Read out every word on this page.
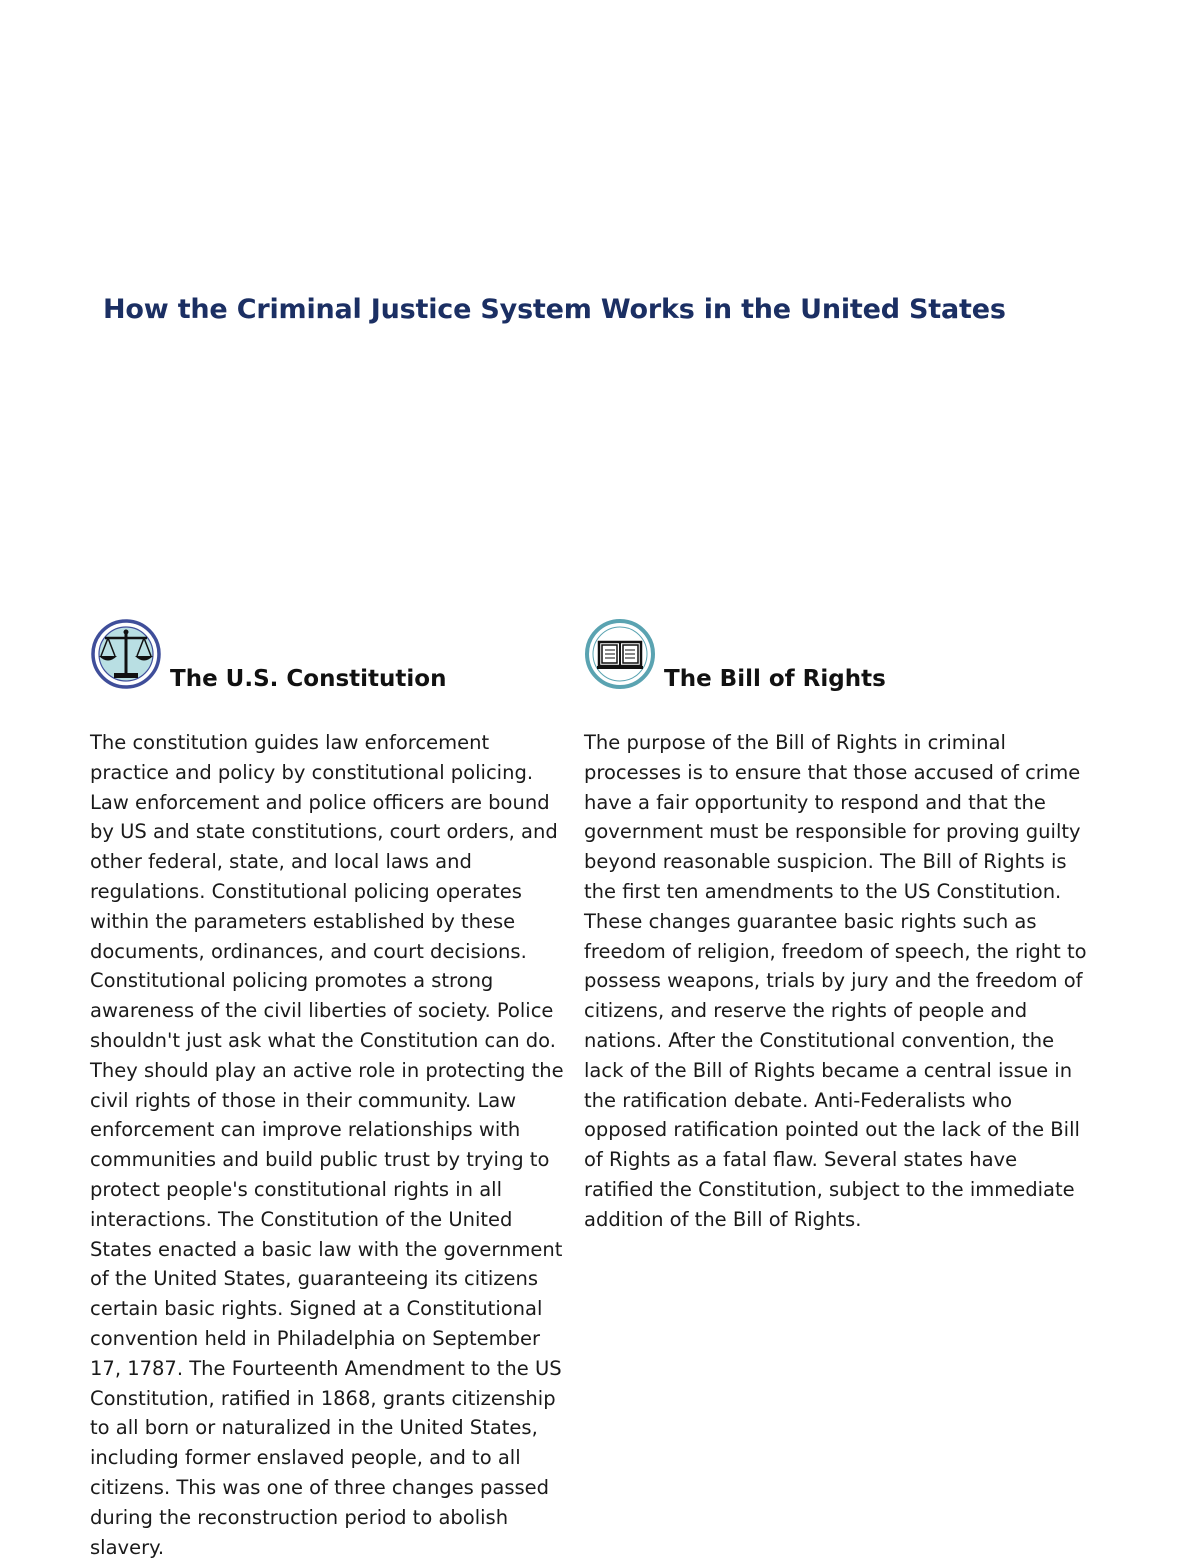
How the Criminal Justice System Works in the United States
The U.S. Constitution

The constitution guides law enforcement practice and policy by constitutional policing. Law enforcement and police officers are bound by US and state constitutions, court orders, and other federal, state, and local laws and regulations. Constitutional policing operates within the parameters established by these documents, ordinances, and court decisions. Constitutional policing promotes a strong awareness of the civil liberties of society. Police shouldn't just ask what the Constitution can do. They should play an active role in protecting the civil rights of those in their community. Law enforcement can improve relationships with communities and build public trust by trying to protect people's constitutional rights in all interactions. The Constitution of the United States enacted a basic law with the government of the United States, guaranteeing its citizens certain basic rights. Signed at a Constitutional convention held in Philadelphia on September 17, 1787. The Fourteenth Amendment to the US Constitution, ratified in 1868, grants citizenship to all born or naturalized in the United States, including former enslaved people, and to all citizens. This was one of three changes passed during the reconstruction period to abolish slavery.

The Bill of Rights

The purpose of the Bill of Rights in criminal processes is to ensure that those accused of crime have a fair opportunity to respond and that the government must be responsible for proving guilty beyond reasonable suspicion. The Bill of Rights is the first ten amendments to the US Constitution. These changes guarantee basic rights such as freedom of religion, freedom of speech, the right to possess weapons, trials by jury and the freedom of citizens, and reserve the rights of people and nations. After the Constitutional convention, the lack of the Bill of Rights became a central issue in the ratification debate. Anti-Federalists who opposed ratification pointed out the lack of the Bill of Rights as a fatal flaw. Several states have ratified the Constitution, subject to the immediate addition of the Bill of Rights.
